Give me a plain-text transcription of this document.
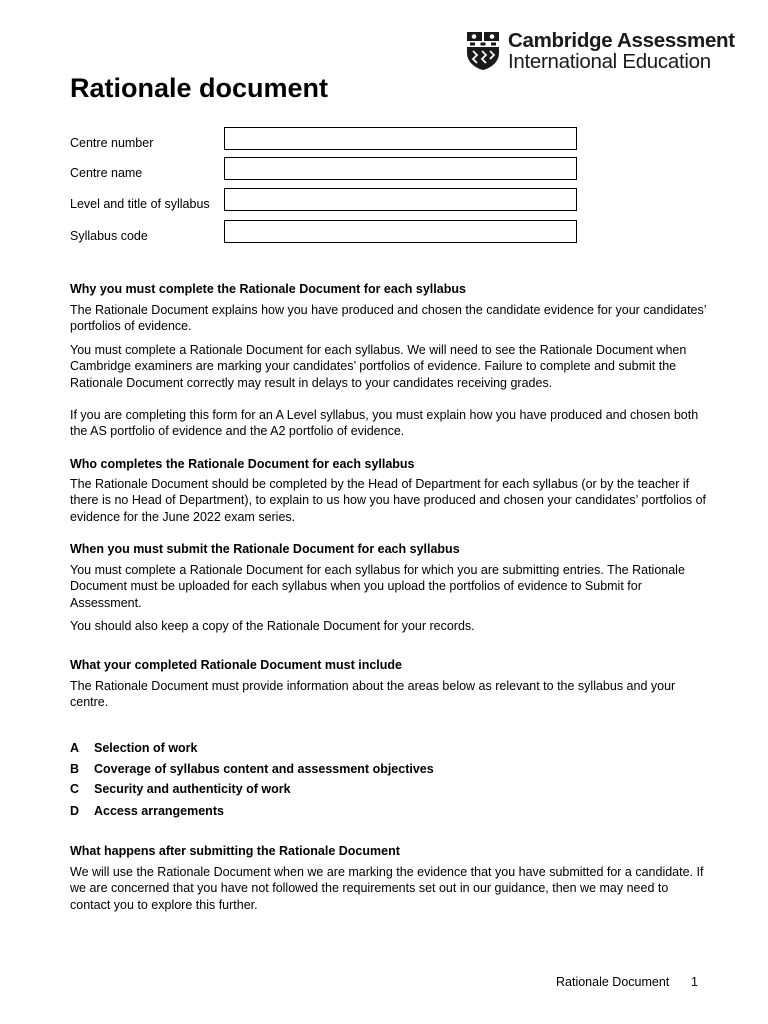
Cambridge Assessment
International Education
Rationale document
Centre number
Centre name
Level and title of syllabus
Syllabus code
Why you must complete the Rationale Document for each syllabus

The Rationale Document explains how you have produced and chosen the candidate evidence for your candidates’ portfolios of evidence.

You must complete a Rationale Document for each syllabus. We will need to see the Rationale Document when Cambridge examiners are marking your candidates’ portfolios of evidence. Failure to complete and submit the Rationale Document correctly may result in delays to your candidates receiving grades.

If you are completing this form for an A Level syllabus, you must explain how you have produced and chosen both the AS portfolio of evidence and the A2 portfolio of evidence.

Who completes the Rationale Document for each syllabus

The Rationale Document should be completed by the Head of Department for each syllabus (or by the teacher if there is no Head of Department), to explain to us how you have produced and chosen your candidates’ portfolios of evidence for the June 2022 exam series.

When you must submit the Rationale Document for each syllabus

You must complete a Rationale Document for each syllabus for which you are submitting entries. The Rationale Document must be uploaded for each syllabus when you upload the portfolios of evidence to Submit for Assessment.

You should also keep a copy of the Rationale Document for your records.

What your completed Rationale Document must include

The Rationale Document must provide information about the areas below as relevant to the syllabus and your centre.

A Selection of work
B Coverage of syllabus content and assessment objectives
C Security and authenticity of work
D Access arrangements
What happens after submitting the Rationale Document

We will use the Rationale Document when we are marking the evidence that you have submitted for a candidate. If we are concerned that you have not followed the requirements set out in our guidance, then we may need to contact you to explore this further.

Rationale Document 1
